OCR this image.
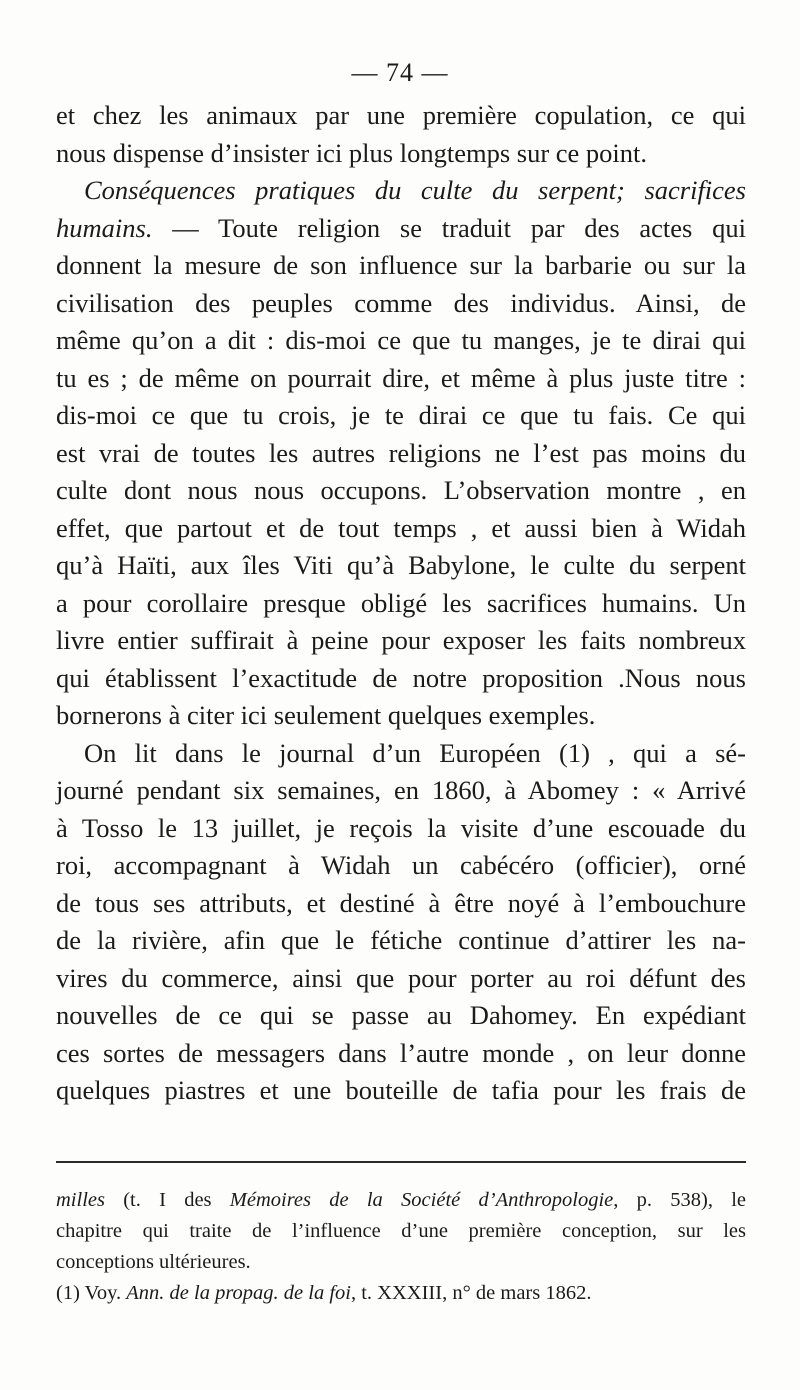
— 74 —
et chez les animaux par une première copulation, ce qui
nous dispense d’insister ici plus longtemps sur ce point.
Conséquences pratiques du culte du serpent; sacrifices
humains. — Toute religion se traduit par des actes qui
donnent la mesure de son influence sur la barbarie ou sur la
civilisation des peuples comme des individus. Ainsi, de
même qu’on a dit : dis-moi ce que tu manges, je te dirai qui
tu es ; de même on pourrait dire, et même à plus juste titre :
dis-moi ce que tu crois, je te dirai ce que tu fais. Ce qui
est vrai de toutes les autres religions ne l’est pas moins du
culte dont nous nous occupons. L’observation montre , en
effet, que partout et de tout temps , et aussi bien à Widah
qu’à Haïti, aux îles Viti qu’à Babylone, le culte du serpent
a pour corollaire presque obligé les sacrifices humains. Un
livre entier suffirait à peine pour exposer les faits nombreux
qui établissent l’exactitude de notre proposition .Nous nous
bornerons à citer ici seulement quelques exemples.
On lit dans le journal d’un Européen (1) , qui a sé-
journé pendant six semaines, en 1860, à Abomey : « Arrivé
à Tosso le 13 juillet, je reçois la visite d’une escouade du
roi, accompagnant à Widah un cabécéro (officier), orné
de tous ses attributs, et destiné à être noyé à l’embouchure
de la rivière, afin que le fétiche continue d’attirer les na-
vires du commerce, ainsi que pour porter au roi défunt des
nouvelles de ce qui se passe au Dahomey. En expédiant
ces sortes de messagers dans l’autre monde , on leur donne
quelques piastres et une bouteille de tafia pour les frais de
milles (t. I des Mémoires de la Société d’Anthropologie, p. 538), le
chapitre qui traite de l’influence d’une première conception, sur les
conceptions ultérieures.
(1) Voy. Ann. de la propag. de la foi, t. XXXIII, n° de mars 1862.
